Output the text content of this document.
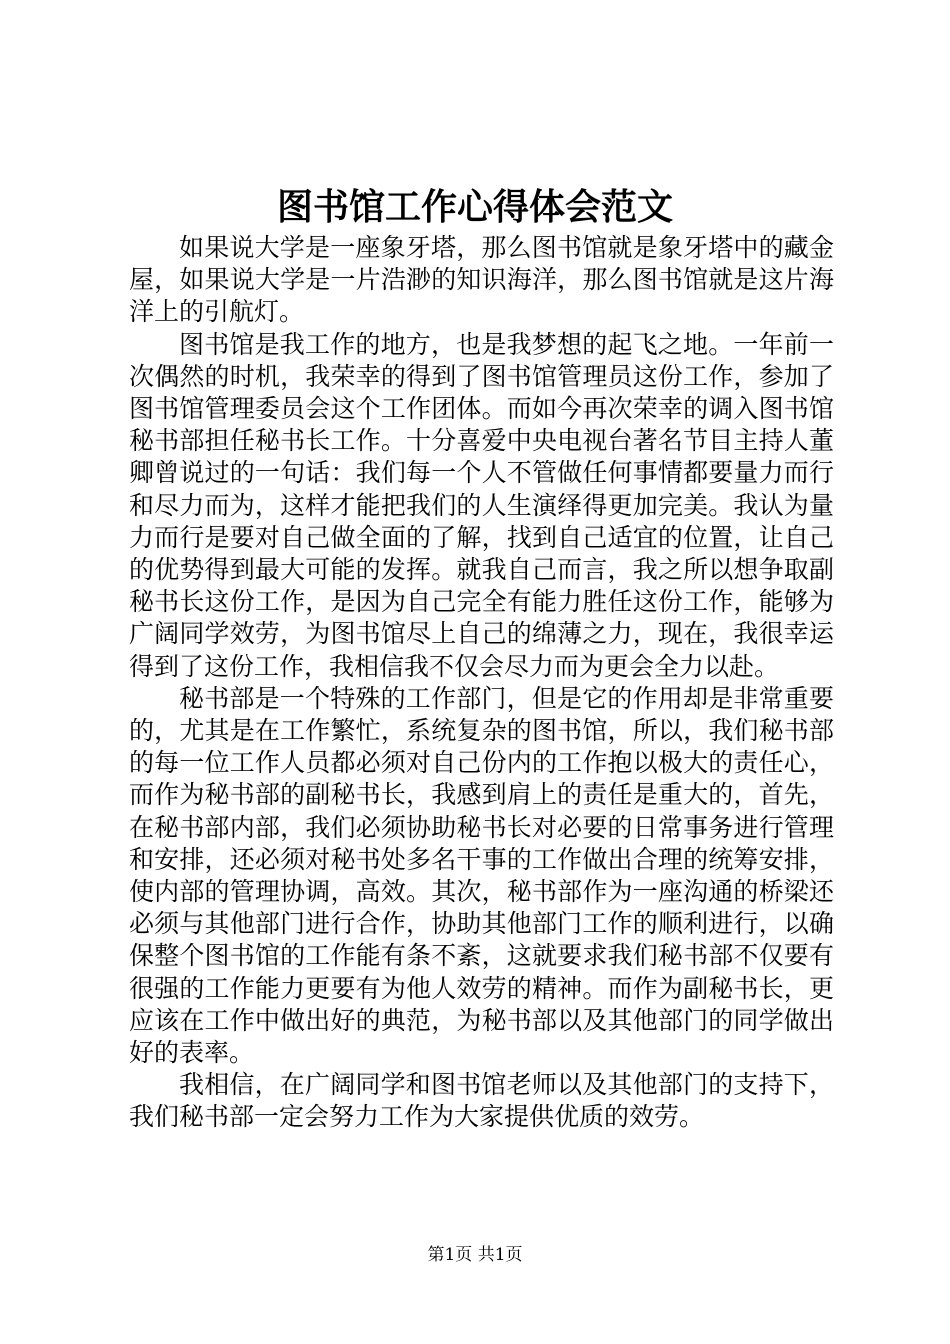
图书馆工作心得体会范文

如果说大学是一座象牙塔，那么图书馆就是象牙塔中的藏金屋，如果说大学是一片浩渺的知识海洋，那么图书馆就是这片海洋上的引航灯。

图书馆是我工作的地方，也是我梦想的起飞之地。一年前一次偶然的时机，我荣幸的得到了图书馆管理员这份工作，参加了图书馆管理委员会这个工作团体。而如今再次荣幸的调入图书馆秘书部担任秘书长工作。十分喜爱中央电视台著名节目主持人董卿曾说过的一句话：我们每一个人不管做任何事情都要量力而行和尽力而为，这样才能把我们的人生演绎得更加完美。我认为量力而行是要对自己做全面的了解，找到自己适宜的位置，让自己的优势得到最大可能的发挥。就我自己而言，我之所以想争取副秘书长这份工作，是因为自己完全有能力胜任这份工作，能够为广阔同学效劳，为图书馆尽上自己的绵薄之力，现在，我很幸运得到了这份工作，我相信我不仅会尽力而为更会全力以赴。

秘书部是一个特殊的工作部门，但是它的作用却是非常重要的，尤其是在工作繁忙，系统复杂的图书馆，所以，我们秘书部的每一位工作人员都必须对自己份内的工作抱以极大的责任心，而作为秘书部的副秘书长，我感到肩上的责任是重大的，首先，在秘书部内部，我们必须协助秘书长对必要的日常事务进行管理和安排，还必须对秘书处多名干事的工作做出合理的统筹安排，使内部的管理协调，高效。其次，秘书部作为一座沟通的桥梁还必须与其他部门进行合作，协助其他部门工作的顺利进行，以确保整个图书馆的工作能有条不紊，这就要求我们秘书部不仅要有很强的工作能力更要有为他人效劳的精神。而作为副秘书长，更应该在工作中做出好的典范，为秘书部以及其他部门的同学做出好的表率。

我相信，在广阔同学和图书馆老师以及其他部门的支持下，我们秘书部一定会努力工作为大家提供优质的效劳。

第1页 共1页
